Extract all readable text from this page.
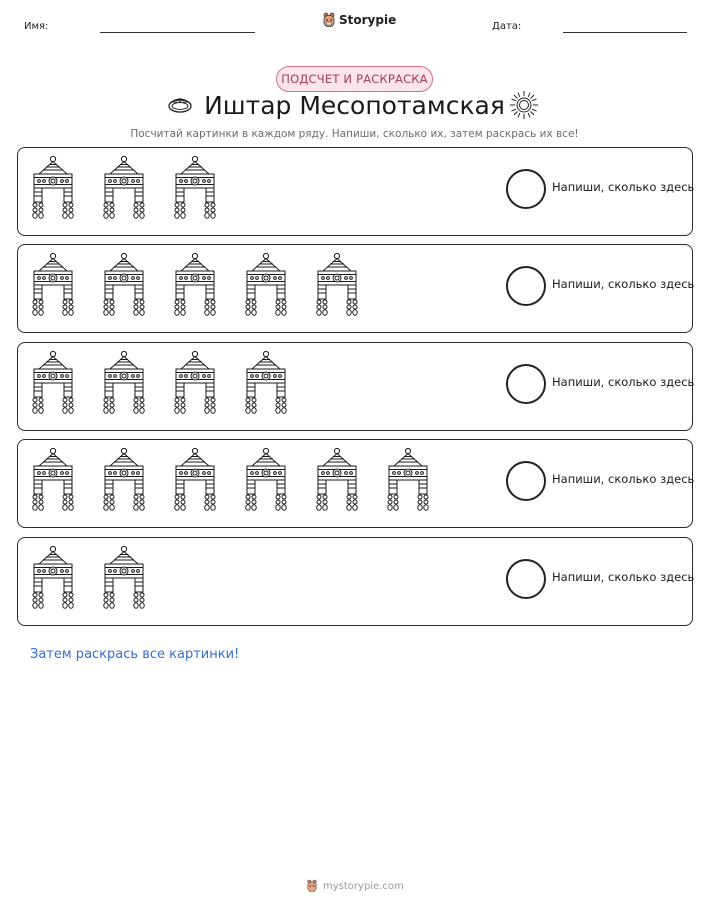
Имя:	Storypie	Дата:
ПОДСЧЕТ И РАСКРАСКА
Иштар Месопотамская
Посчитай картинки в каждом ряду. Напиши, сколько их, затем раскрась их все!
Напиши, сколько здесь
Напиши, сколько здесь
Напиши, сколько здесь
Напиши, сколько здесь
Напиши, сколько здесь
Затем раскрась все картинки!
mystorypie.com
